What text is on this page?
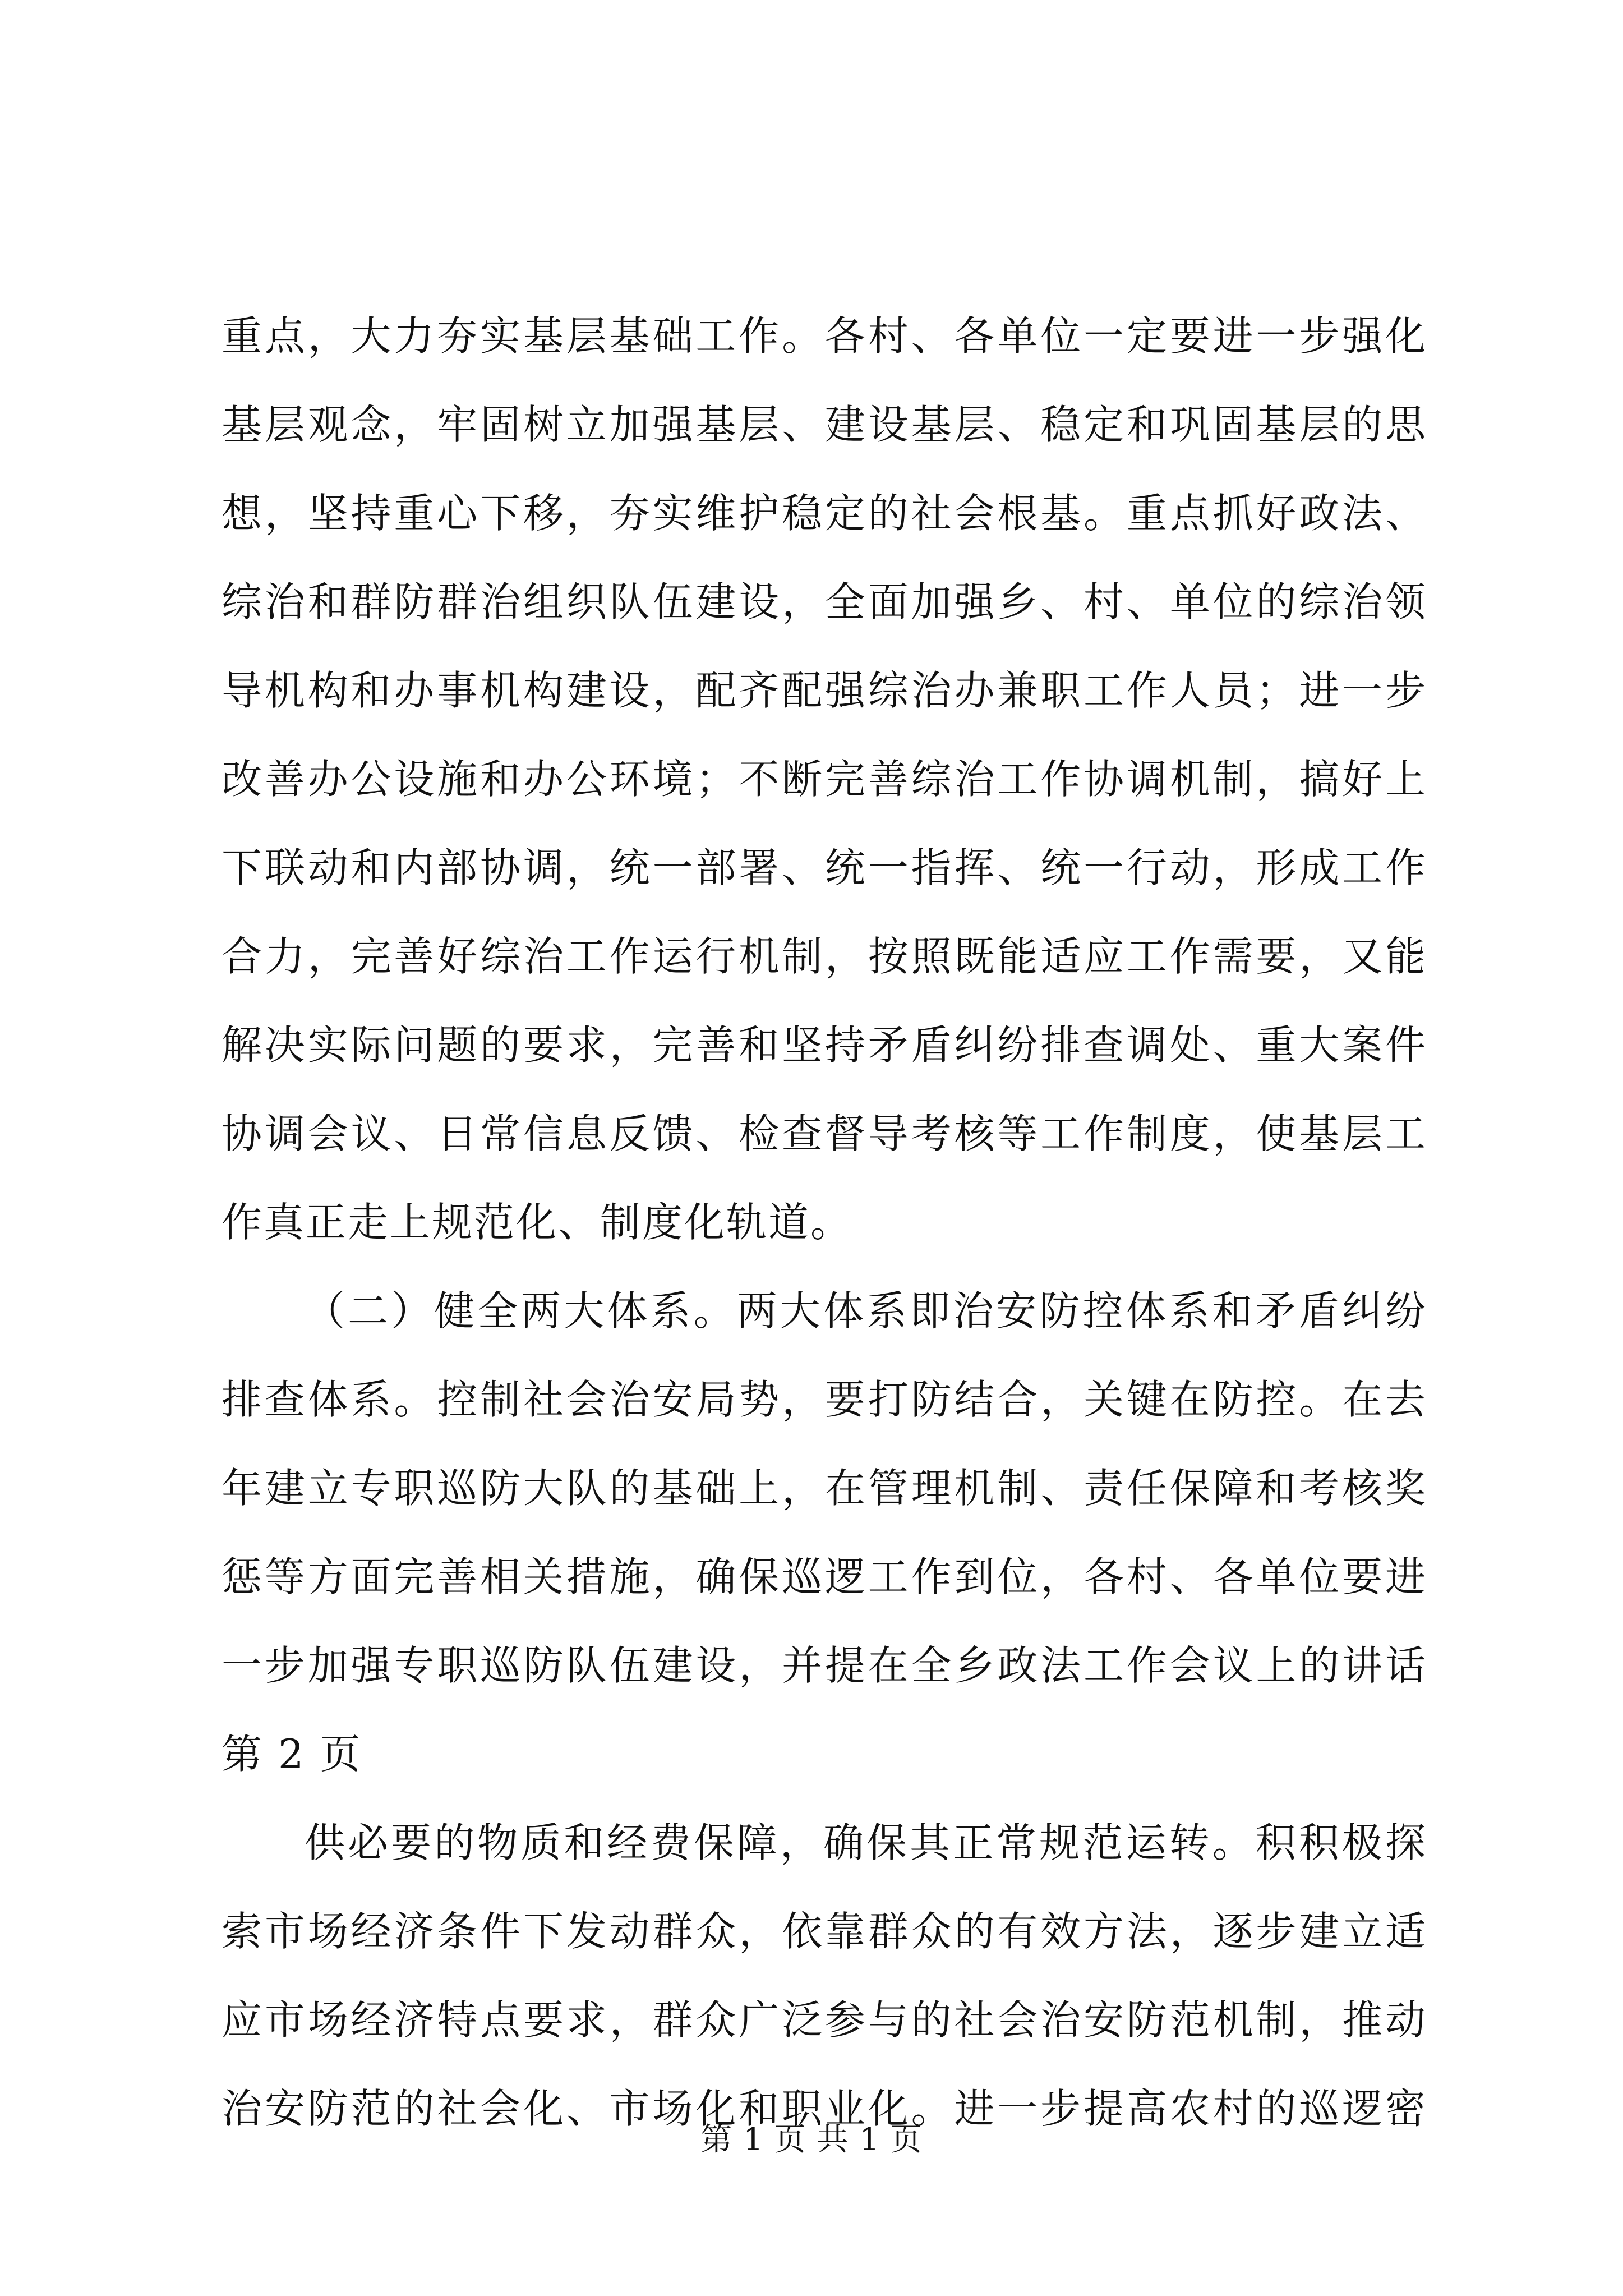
重点，大力夯实基层基础工作。各村、各单位一定要进一步强化
基层观念，牢固树立加强基层、建设基层、稳定和巩固基层的思
想，坚持重心下移，夯实维护稳定的社会根基。重点抓好政法、
综治和群防群治组织队伍建设，全面加强乡、村、单位的综治领
导机构和办事机构建设，配齐配强综治办兼职工作人员；进一步
改善办公设施和办公环境；不断完善综治工作协调机制，搞好上
下联动和内部协调，统一部署、统一指挥、统一行动，形成工作
合力，完善好综治工作运行机制，按照既能适应工作需要，又能
解决实际问题的要求，完善和坚持矛盾纠纷排查调处、重大案件
协调会议、日常信息反馈、检查督导考核等工作制度，使基层工
作真正走上规范化、制度化轨道。
（二）健全两大体系。两大体系即治安防控体系和矛盾纠纷
排查体系。控制社会治安局势，要打防结合，关键在防控。在去
年建立专职巡防大队的基础上，在管理机制、责任保障和考核奖
惩等方面完善相关措施，确保巡逻工作到位，各村、各单位要进
一步加强专职巡防队伍建设，并提在全乡政法工作会议上的讲话
第 2 页
供必要的物质和经费保障，确保其正常规范运转。积积极探
索市场经济条件下发动群众，依靠群众的有效方法，逐步建立适
应市场经济特点要求，群众广泛参与的社会治安防范机制，推动
治安防范的社会化、市场化和职业化。进一步提高农村的巡逻密
第 1 页 共 1 页
